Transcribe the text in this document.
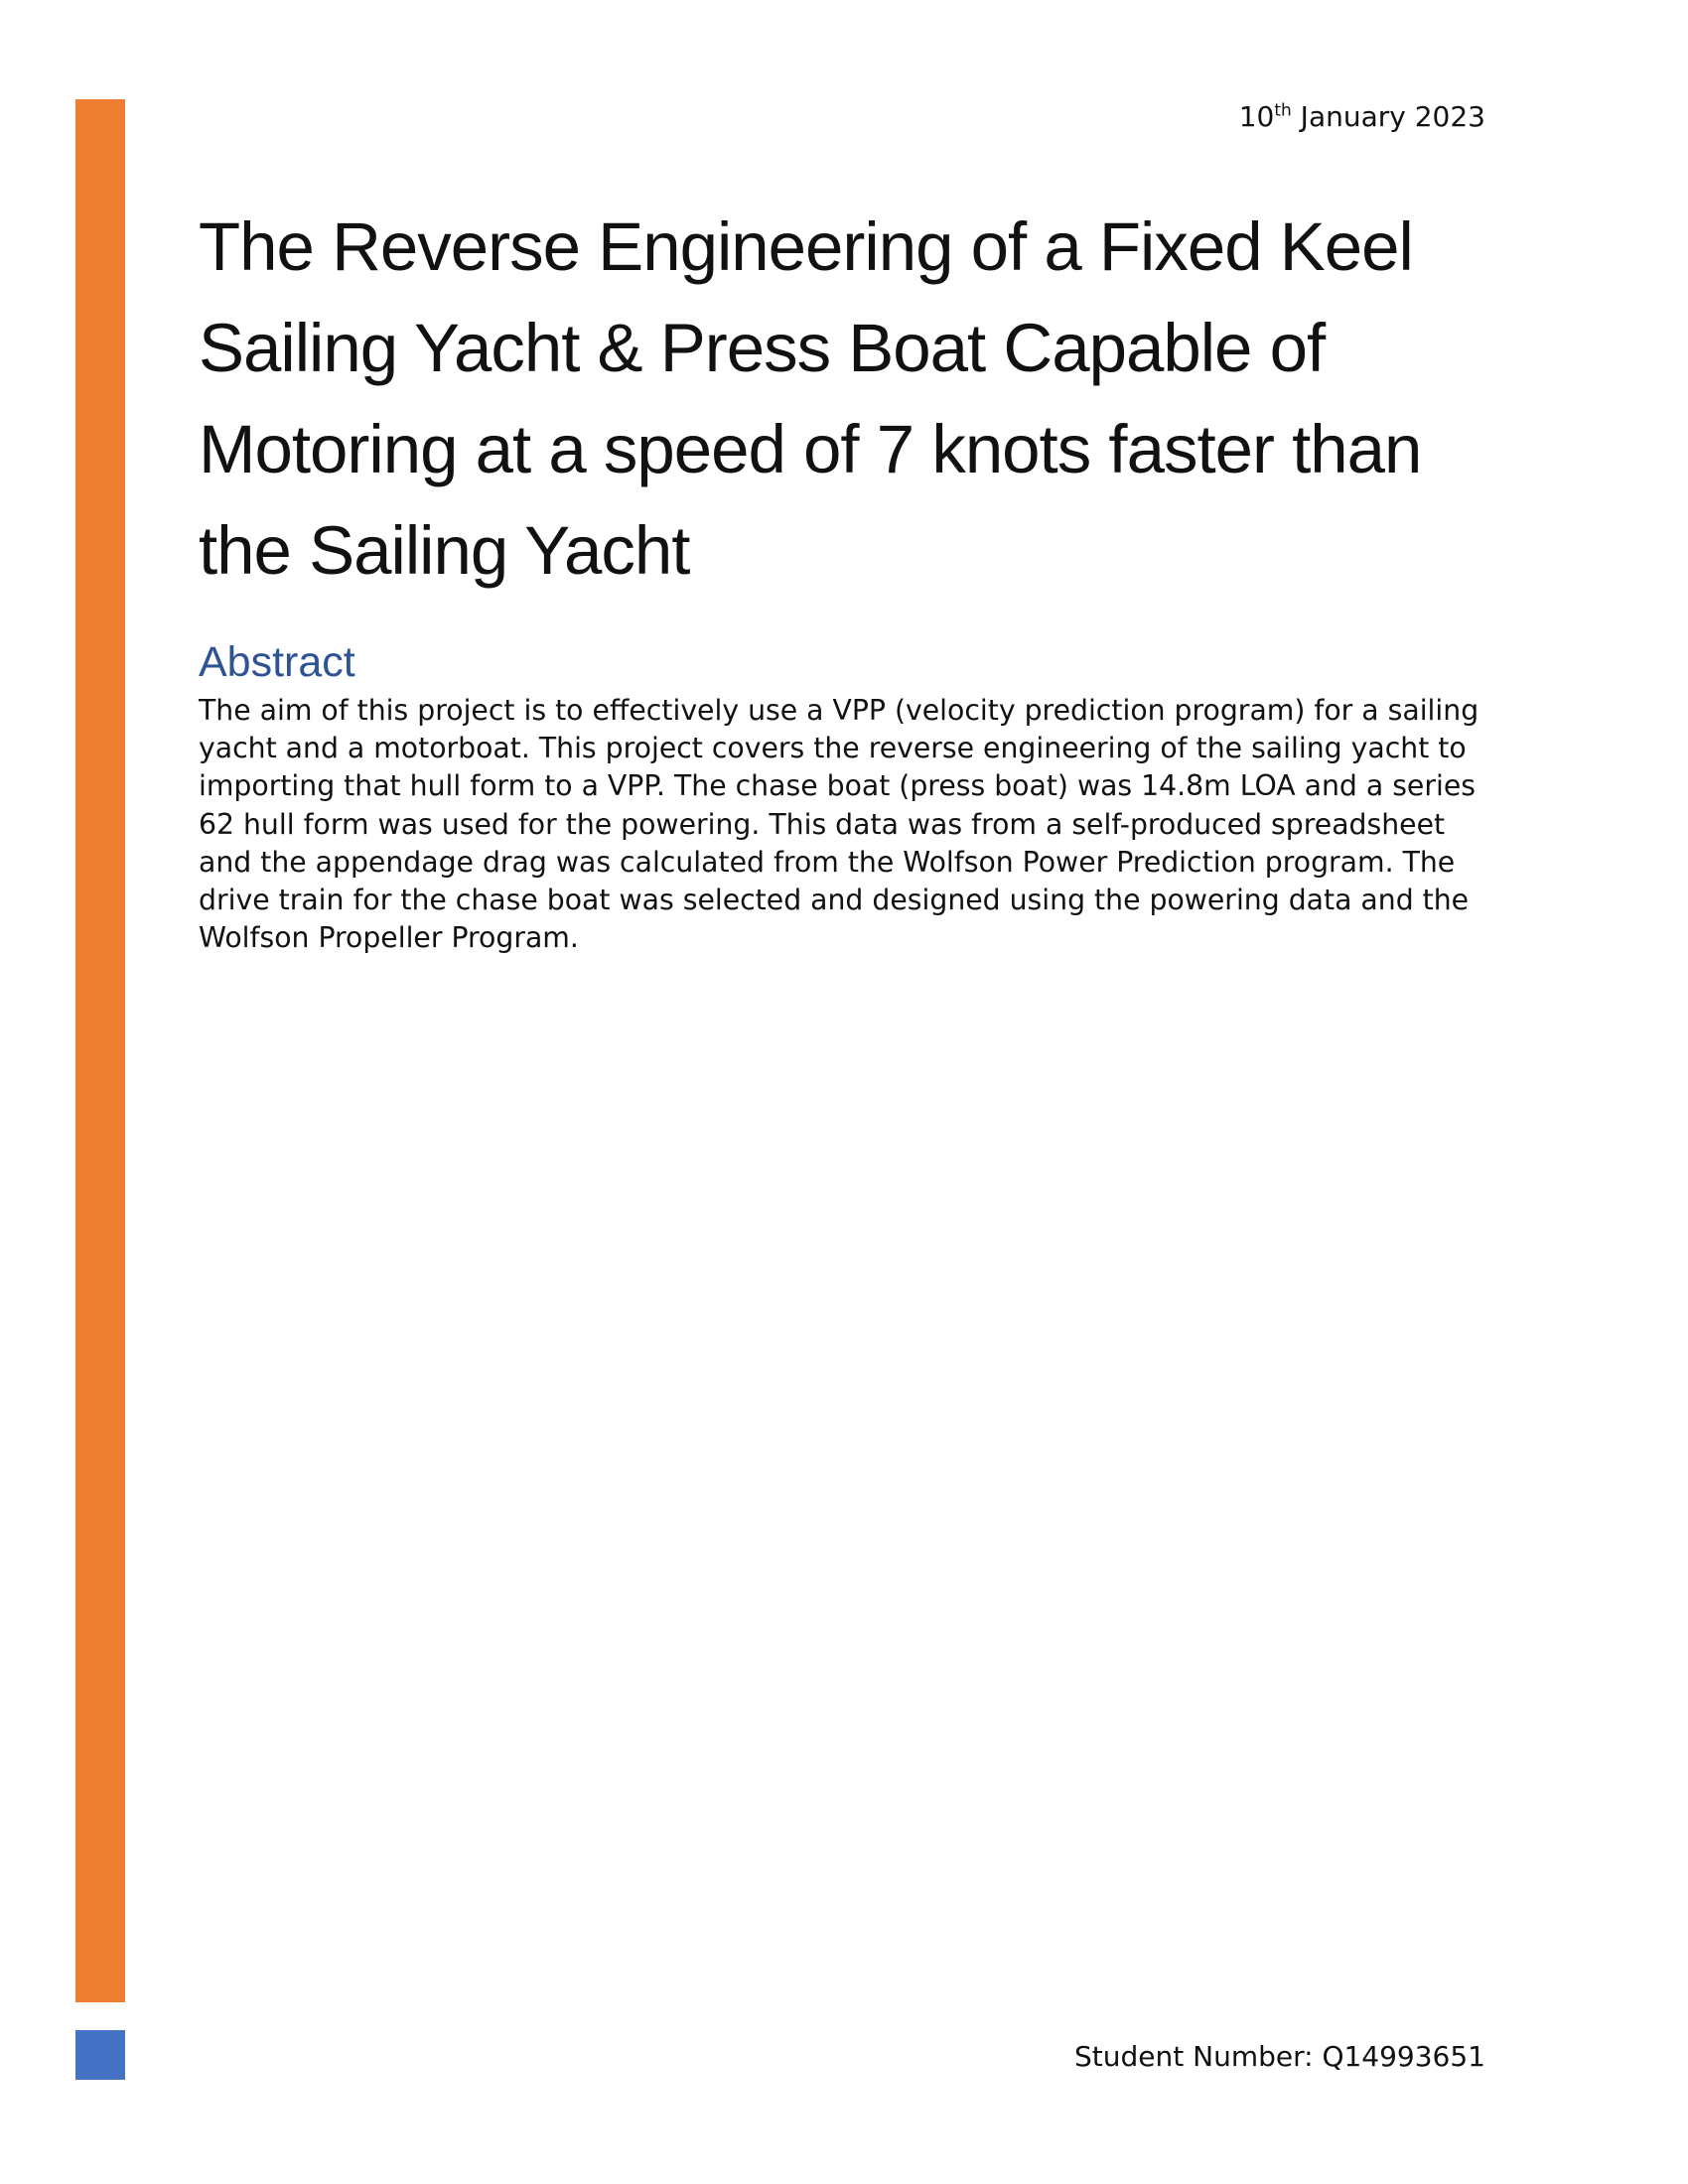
10th January 2023
The Reverse Engineering of a Fixed Keel Sailing Yacht & Press Boat Capable of Motoring at a speed of 7 knots faster than the Sailing Yacht
Abstract

The aim of this project is to effectively use a VPP (velocity prediction program) for a sailing yacht and a motorboat. This project covers the reverse engineering of the sailing yacht to importing that hull form to a VPP. The chase boat (press boat) was 14.8m LOA and a series 62 hull form was used for the powering. This data was from a self-produced spreadsheet and the appendage drag was calculated from the Wolfson Power Prediction program. The drive train for the chase boat was selected and designed using the powering data and the Wolfson Propeller Program.

Student Number: Q14993651
